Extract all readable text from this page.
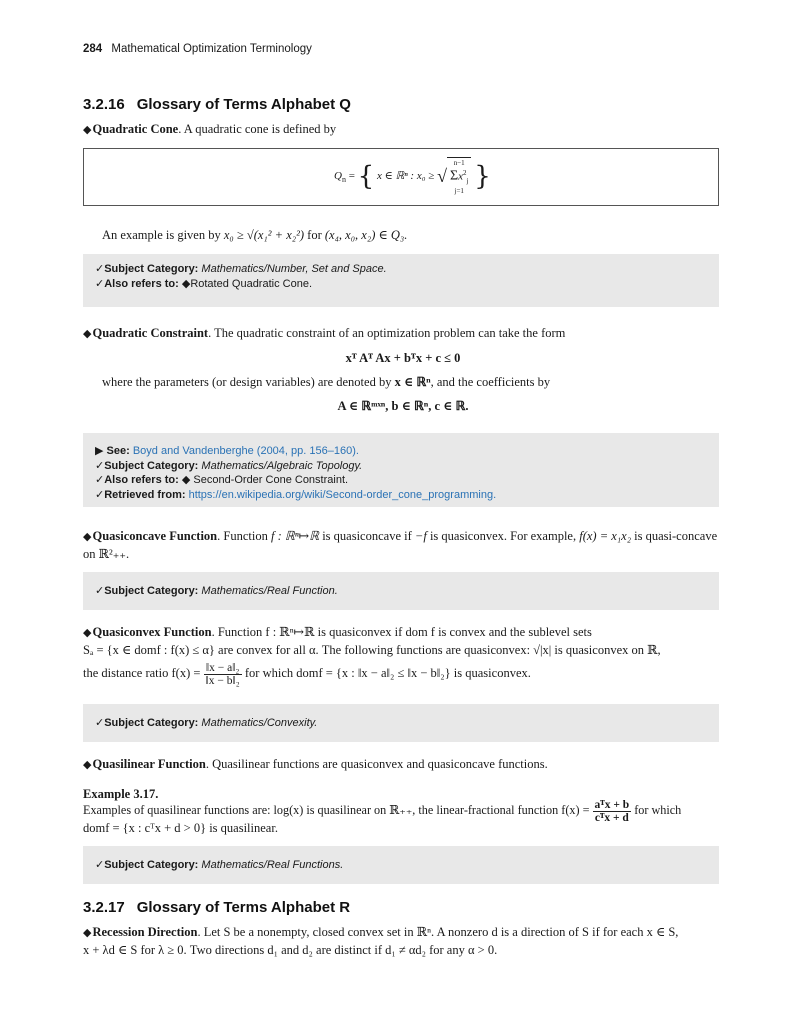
284 Mathematical Optimization Terminology
3.2.16 Glossary of Terms Alphabet Q
◆Quadratic Cone. A quadratic cone is defined by
$Q_n$ = { x ∈ ℝⁿ : x₀ ≥ √
n−1
$\Sigma x^2_j$
j=1 }
An example is given by x₀ ≥ √(x₁² + x₂²) for (x₄, x₀, x₂) ∈ Q₃.
✓Subject Category: Mathematics/Number, Set and Space.
✓Also refers to: ◆Rotated Quadratic Cone.
◆Quadratic Constraint. The quadratic constraint of an optimization problem can take the form
xᵀ Aᵀ Ax + bᵀx + c ≤ 0
where the parameters (or design variables) are denoted by x ∈ ℝⁿ, and the coefficients by
A ∈ ℝᵐˣⁿ, b ∈ ℝⁿ, c ∈ ℝ.
▶ See: Boyd and Vandenberghe (2004, pp. 156–160).
✓Subject Category: Mathematics/Algebraic Topology.
✓Also refers to: ◆ Second-Order Cone Constraint.
✓Retrieved from: https://en.wikipedia.org/wiki/Second-order_cone_programming.
◆Quasiconcave Function. Function f : ℝⁿ↦ℝ is quasiconcave if −f is quasiconvex. For example, f(x) = x₁x₂ is quasi-concave on ℝ²₊₊.
✓Subject Category: Mathematics/Real Function.
◆Quasiconvex Function. Function f : ℝⁿ↦ℝ is quasiconvex if dom f is convex and the sublevel sets
Sₐ = {x ∈ domf : f(x) ≤ α} are convex for all α. The following functions are quasiconvex: √|x| is quasiconvex on ℝ,
the distance ratio $f(x) = \frac{\text{‖x − a‖₂}}{\text{‖x − b‖₂}}$ for which domf = {x : ‖x − a‖₂ ≤ ‖x − b‖₂} is quasiconvex.
✓Subject Category: Mathematics/Convexity.
◆Quasilinear Function. Quasilinear functions are quasiconvex and quasiconcave functions.
Example 3.17.
Examples of quasilinear functions are: log(x) is quasilinear on ℝ₊₊, the linear-fractional function $f(x) = \frac{\text{aᵀx + b}}{\text{cᵀx + d}}$ for which
domf = {x : cᵀx + d > 0} is quasilinear.
✓Subject Category: Mathematics/Real Functions.
3.2.17 Glossary of Terms Alphabet R
◆Recession Direction. Let S be a nonempty, closed convex set in ℝⁿ. A nonzero d is a direction of S if for each x ∈ S,
x + λd ∈ S for λ ≥ 0. Two directions d₁ and d₂ are distinct if d₁ ≠ αd₂ for any α > 0.
